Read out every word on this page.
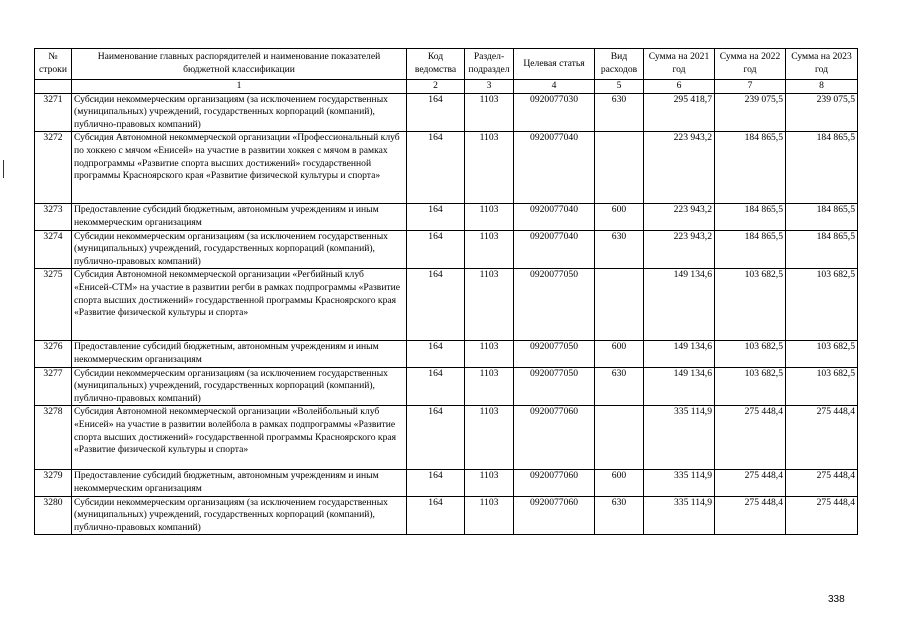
№ строки	Наименование главных распорядителей и наименование показателей бюджетной классификации	Код ведомства	Раздел-подраздел	Целевая статья	Вид расходов	Сумма на 2021 год	Сумма на 2022 год	Сумма на 2023 год
	1	2	3	4	5	6	7	8
3271	Субсидии некоммерческим организациям (за исключением государственных (муниципальных) учреждений, государственных корпораций (компаний), публично-правовых компаний)	164	1103	0920077030	630	295 418,7	239 075,5	239 075,5
3272	Субсидия Автономной некоммерческой организации «Профессиональный клуб по хоккею с мячом «Енисей» на участие в развитии хоккея с мячом в рамках подпрограммы «Развитие спорта высших достижений» государственной программы Красноярского края «Развитие физической культуры и спорта»	164	1103	0920077040		223 943,2	184 865,5	184 865,5
3273	Предоставление субсидий бюджетным, автономным учреждениям и иным некоммерческим организациям	164	1103	0920077040	600	223 943,2	184 865,5	184 865,5
3274	Субсидии некоммерческим организациям (за исключением государственных (муниципальных) учреждений, государственных корпораций (компаний), публично-правовых компаний)	164	1103	0920077040	630	223 943,2	184 865,5	184 865,5
3275	Субсидия Автономной некоммерческой организации «Регбийный клуб «Енисей-СТМ» на участие в развитии регби в рамках подпрограммы «Развитие спорта высших достижений» государственной программы Красноярского края «Развитие физической культуры и спорта»	164	1103	0920077050		149 134,6	103 682,5	103 682,5
3276	Предоставление субсидий бюджетным, автономным учреждениям и иным некоммерческим организациям	164	1103	0920077050	600	149 134,6	103 682,5	103 682,5
3277	Субсидии некоммерческим организациям (за исключением государственных (муниципальных) учреждений, государственных корпораций (компаний), публично-правовых компаний)	164	1103	0920077050	630	149 134,6	103 682,5	103 682,5
3278	Субсидия Автономной некоммерческой организации «Волейбольный клуб «Енисей» на участие в развитии волейбола в рамках подпрограммы «Развитие спорта высших достижений» государственной программы Красноярского края «Развитие физической культуры и спорта»	164	1103	0920077060		335 114,9	275 448,4	275 448,4
3279	Предоставление субсидий бюджетным, автономным учреждениям и иным некоммерческим организациям	164	1103	0920077060	600	335 114,9	275 448,4	275 448,4
3280	Субсидии некоммерческим организациям (за исключением государственных (муниципальных) учреждений, государственных корпораций (компаний), публично-правовых компаний)	164	1103	0920077060	630	335 114,9	275 448,4	275 448,4
338
